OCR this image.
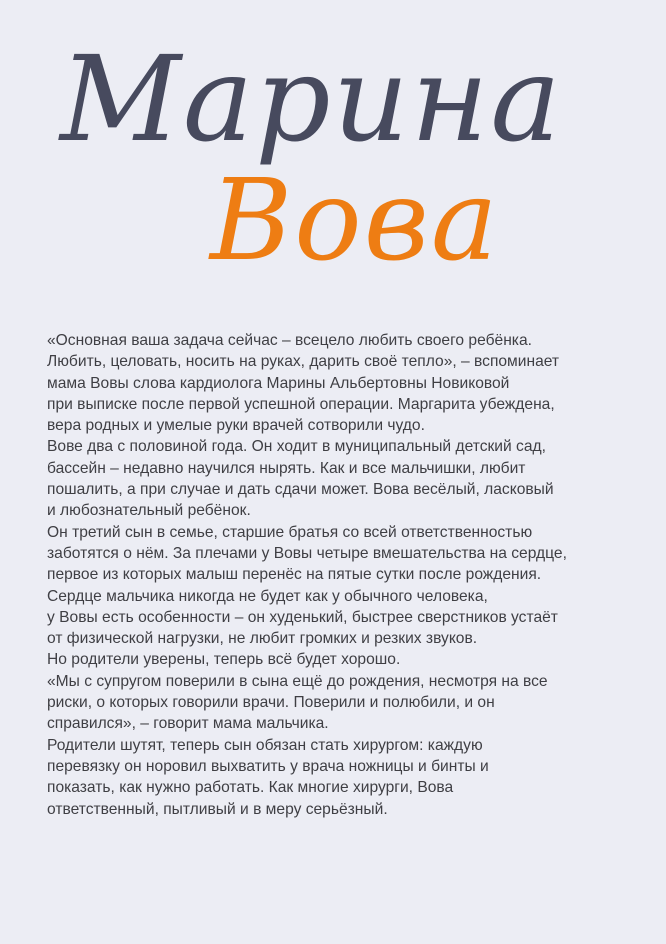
Марина
Вова

«Основная ваша задача сейчас – всецело любить своего ребёнка.

Любить, целовать, носить на руках, дарить своё тепло», – вспоминает

мама Вовы слова кардиолога Марины Альбертовны Новиковой

при выписке после первой успешной операции. Маргарита убеждена,

вера родных и умелые руки врачей сотворили чудо.

Вове два с половиной года. Он ходит в муниципальный детский сад,

бассейн – недавно научился нырять. Как и все мальчишки, любит

пошалить, а при случае и дать сдачи может. Вова весёлый, ласковый

и любознательный ребёнок.

Он третий сын в семье, старшие братья со всей ответственностью

заботятся о нём. За плечами у Вовы четыре вмешательства на сердце,

первое из которых малыш перенёс на пятые сутки после рождения.

Сердце мальчика никогда не будет как у обычного человека,

у Вовы есть особенности – он худенький, быстрее сверстников устаёт

от физической нагрузки, не любит громких и резких звуков.

Но родители уверены, теперь всё будет хорошо.

«Мы с супругом поверили в сына ещё до рождения, несмотря на все

риски, о которых говорили врачи. Поверили и полюбили, и он

справился», – говорит мама мальчика.

Родители шутят, теперь сын обязан стать хирургом: каждую

перевязку он норовил выхватить у врача ножницы и бинты и

показать, как нужно работать. Как многие хирурги, Вова

ответственный, пытливый и в меру серьёзный.
